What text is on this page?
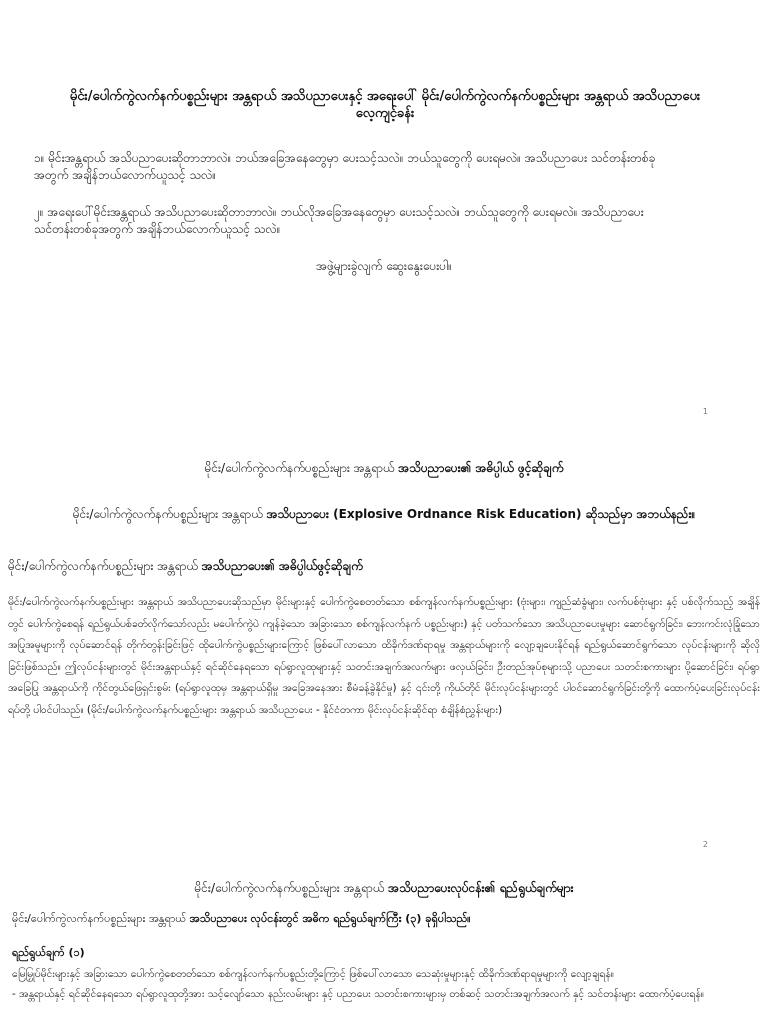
မိုင်း/ပေါက်ကွဲလက်နက်ပစ္စည်းများ အန္တရာယ် အသိပညာပေးနှင့် အရေးပေါ် မိုင်း/ပေါက်ကွဲလက်နက်ပစ္စည်းများ အန္တရာယ် အသိပညာပေး လေ့ကျင့်ခန်း
၁။ မိုင်းအန္တရာယ် အသိပညာပေးဆိုတာဘာလဲ။ ဘယ်အခြေအနေတွေမှာ ပေးသင့်သလဲ။ ဘယ်သူတွေကို ပေးရမလဲ။ အသိပညာပေး သင်တန်းတစ်ခုအတွက် အချိန်ဘယ်လောက်ယူသင့် သလဲ။
၂။ အရေးပေါ်မိုင်းအန္တရာယ် အသိပညာပေးဆိုတာဘာလဲ။ ဘယ်လိုအခြေအနေတွေမှာ ပေးသင့်သလဲ။ ဘယ်သူတွေကို ပေးရမလဲ။ အသိပညာပေး သင်တန်းတစ်ခုအတွက် အချိန်ဘယ်လောက်ယူသင့် သလဲ။
အဖွဲ့များခွဲလျက် ဆွေးနွေးပေးပါ။
1
မိုင်း/ပေါက်ကွဲလက်နက်ပစ္စည်းများ အန္တရာယ် အသိပညာပေး၏ အဓိပ္ပါယ် ဖွင့်ဆိုချက်
မိုင်း/ပေါက်ကွဲလက်နက်ပစ္စည်းများ အန္တရာယ် အသိပညာပေး (Explosive Ordnance Risk Education) ဆိုသည်မှာ အဘယ်နည်း။
မိုင်း/ပေါက်ကွဲလက်နက်ပစ္စည်းများ အန္တရာယ် အသိပညာပေး၏ အဓိပ္ပါယ်ဖွင့်ဆိုချက်
မိုင်း/ပေါက်ကွဲလက်နက်ပစ္စည်းများ အန္တရာယ် အသိပညာပေးဆိုသည်မှာ မိုင်းများနှင့် ပေါက်ကွဲစေတတ်သော စစ်ကျန်လက်နက်ပစ္စည်းများ (ဗုံးများ၊ ကျည်ဆံခွံများ၊ လက်ပစ်ဗုံးများ နှင့် ပစ်လိုက်သည့် အချိန်တွင် ပေါက်ကွဲစေရန် ရည်ရွယ်ပစ်ခတ်လိုက်သော်လည်း မပေါက်ကွဲပဲ ကျန်ခဲ့သော အခြားသော စစ်ကျန်လက်နက် ပစ္စည်းများ) နှင့် ပတ်သက်သော အသိပညာပေးမှုများ ဆောင်ရွက်ခြင်း၊ ဘေးကင်းလုံခြုံသော အပြုအမူများကို လုပ်ဆောင်ရန် တိုက်တွန်းခြင်းဖြင့် ထိုပေါက်ကွဲပစ္စည်းများကြောင့် ဖြစ်ပေါ်လာသော ထိခိုက်ဒဏ်ရာရမှု အန္တရာယ်များကို လျော့ချပေးနိုင်ရန် ရည်ရွယ်ဆောင်ရွက်သော လုပ်ငန်းများကို ဆိုလိုခြင်းဖြစ်သည်။ ဤလုပ်ငန်းများတွင် မိုင်းအန္တရာယ်နှင့် ရင်ဆိုင်နေရသော ရပ်ရွာလူထုများနှင့် သတင်းအချက်အလက်များ ဖလှယ်ခြင်း၊ ဦးတည်အုပ်စုများသို့ ပညာပေး သတင်းစကားများ ပို့ဆောင်ခြင်း၊ ရပ်ရွာအခြေပြု အန္တရာယ်ကို ကိုင်တွယ်ဖြေရှင်းစွမ်း (ရပ်ရွာလူထုမှ အန္တရာယ်ရှိမှု အခြေအနေအား စီမံခန့်ခွဲနိုင်မှု) နှင့် ၎င်းတို့ ကိုယ်တိုင် မိုင်းလုပ်ငန်းများတွင် ပါဝင်ဆောင်ရွက်ခြင်းတို့ကို ထောက်ပံ့ပေးခြင်းလုပ်ငန်းရပ်တို့ ပါဝင်ပါသည်။ (မိုင်း/ပေါက်ကွဲလက်နက်ပစ္စည်းများ အန္တရာယ် အသိပညာပေး - နိုင်ငံတကာ မိုင်းလုပ်ငန်းဆိုင်ရာ စံချိန်စံညွှန်းများ)
2
မိုင်း/ပေါက်ကွဲလက်နက်ပစ္စည်းများ အန္တရာယ် အသိပညာပေးလုပ်ငန်း၏ ရည်ရွယ်ချက်များ
မိုင်း/ပေါက်ကွဲလက်နက်ပစ္စည်းများ အန္တရာယ် အသိပညာပေး လုပ်ငန်းတွင် အဓိက ရည်ရွယ်ချက်ကြီး (၃) ခုရှိပါသည်။
ရည်ရွယ်ချက် (၁)
မြေမြှုပ်မိုင်းများနှင့် အခြားသော ပေါက်ကွဲစေတတ်သော စစ်ကျန်လက်နက်ပစ္စည်းတို့ကြောင့် ဖြစ်ပေါ်လာသော သေဆုံးမှုများနှင့် ထိခိုက်ဒဏ်ရာရမှုများကို လျော့ချရန်။
- အန္တရာယ်နှင့် ရင်ဆိုင်နေရသော ရပ်ရွာလူထုတို့အား သင့်လျော်သော နည်းလမ်းများ နှင့် ပညာပေး သတင်းစကားများမှ တစ်ဆင့် သတင်းအချက်အလက် နှင့် သင်တန်းများ ထောက်ပံ့ပေးရန်။
